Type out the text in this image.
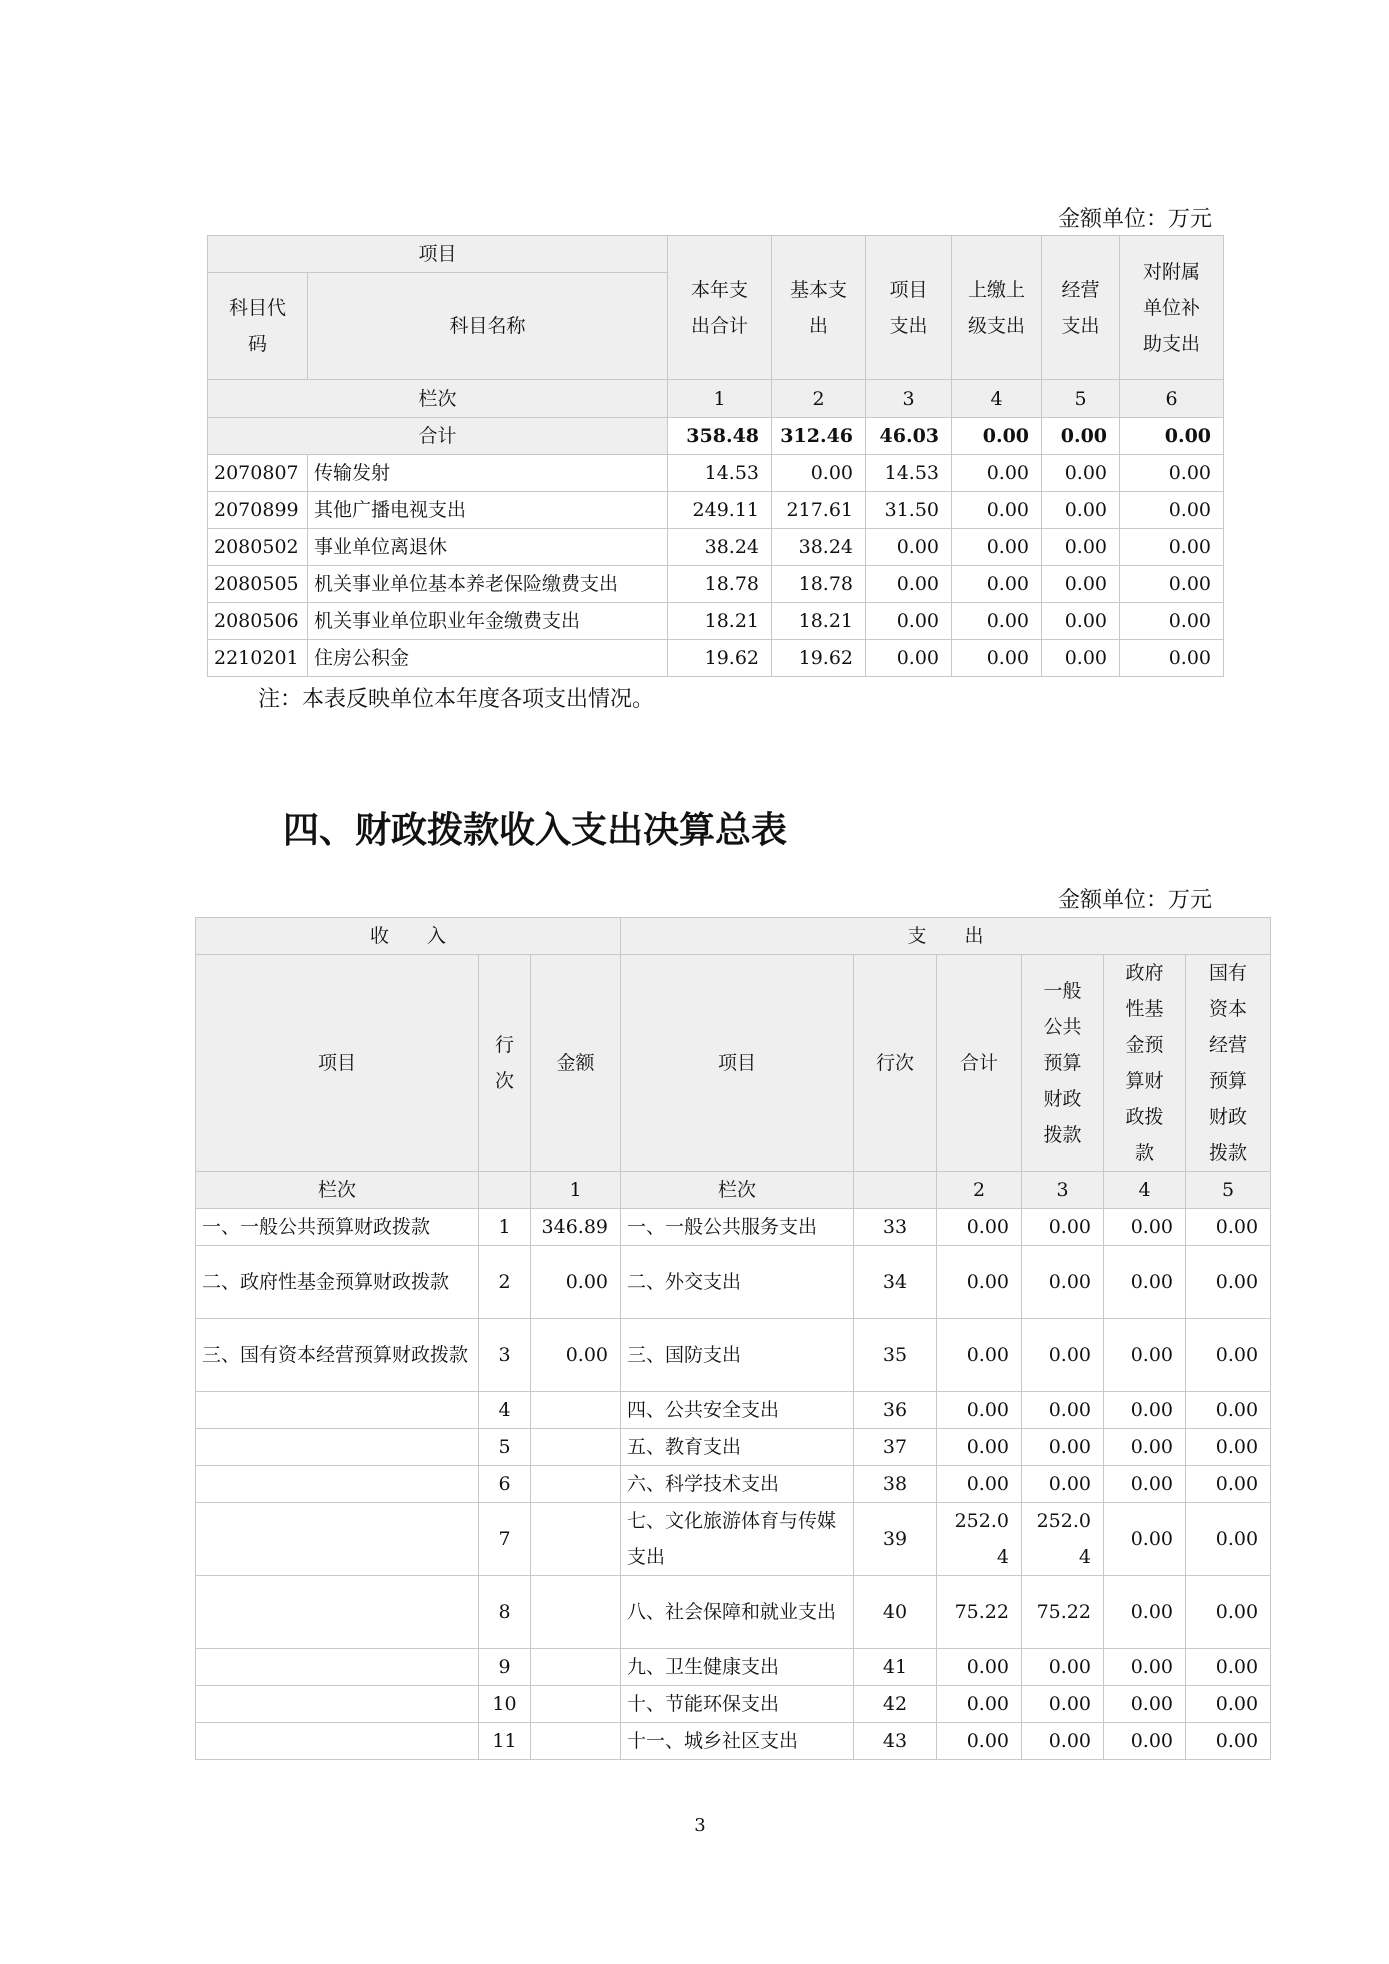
金额单位：万元
项目		本年支出合计	基本支出	项目支出	上缴上级支出	经营支出	对附属单位补助支出

科目代码	科目名称						
栏次		1	2	3	4	5	6
合计		358.48	312.46	46.03	0.00	0.00	0.00
2070807	传输发射	14.53	0.00	14.53	0.00	0.00	0.00
2070899	其他广播电视支出	249.11	217.61	31.50	0.00	0.00	0.00
2080502	事业单位离退休	38.24	38.24	0.00	0.00	0.00	0.00
2080505	机关事业单位基本养老保险缴费支出	18.78	18.78	0.00	0.00	0.00	0.00
2080506	机关事业单位职业年金缴费支出	18.21	18.21	0.00	0.00	0.00	0.00
2210201	住房公积金	19.62	19.62	0.00	0.00	0.00	0.00
注：本表反映单位本年度各项支出情况。
四、财政拨款收入支出决算总表
金额单位：万元
收　　入			支　　出					
项目	行次	金额	项目	行次	合计	一般公共预算财政拨款	政府性基金预算财政拨款	国有资本经营预算财政拨款

栏次		1	栏次		2	3	4	5
一、一般公共预算财政拨款	1	346.89	一、一般公共服务支出	33	0.00	0.00	0.00	0.00
二、政府性基金预算财政拨款	2	0.00	二、外交支出	34	0.00	0.00	0.00	0.00
三、国有资本经营预算财政拨款	3	0.00	三、国防支出	35	0.00	0.00	0.00	0.00
	4		四、公共安全支出	36	0.00	0.00	0.00	0.00
	5		五、教育支出	37	0.00	0.00	0.00	0.00
	6		六、科学技术支出	38	0.00	0.00	0.00	0.00
	7		七、文化旅游体育与传媒支出	39	252.04	252.04	0.00	0.00
	8		八、社会保障和就业支出	40	75.22	75.22	0.00	0.00
	9		九、卫生健康支出	41	0.00	0.00	0.00	0.00
	10		十、节能环保支出	42	0.00	0.00	0.00	0.00
	11		十一、城乡社区支出	43	0.00	0.00	0.00	0.00
3
